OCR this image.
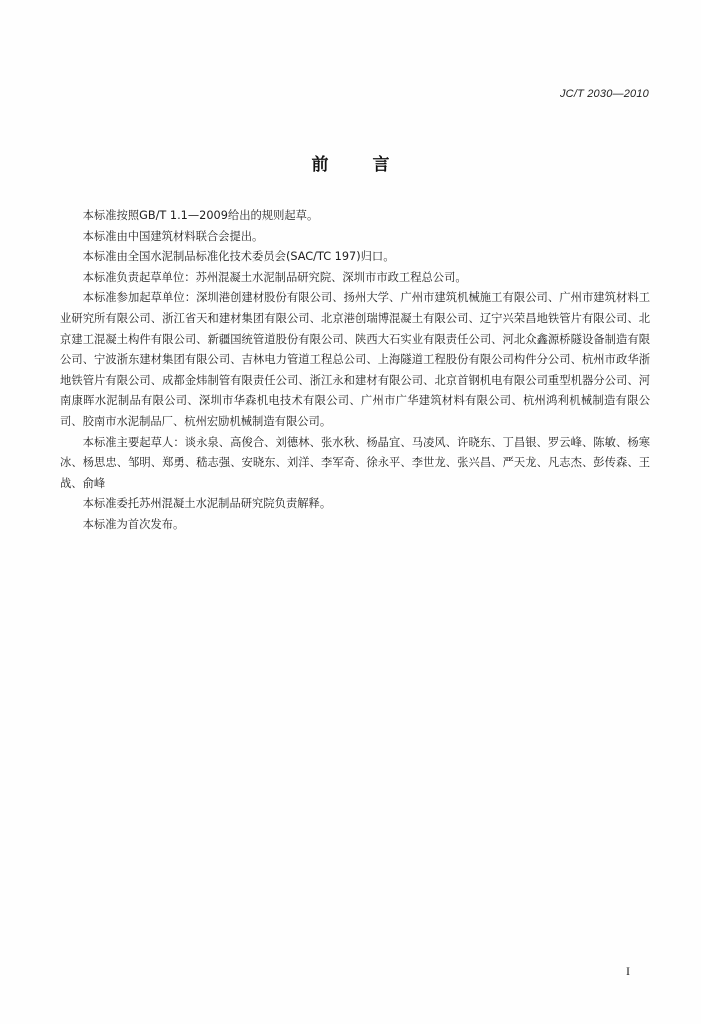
JC/T 2030—2010
前言

本标准按照GB/T 1.1—2009给出的规则起草。

本标准由中国建筑材料联合会提出。

本标准由全国水泥制品标准化技术委员会(SAC/TC 197)归口。

本标准负责起草单位：苏州混凝土水泥制品研究院、深圳市市政工程总公司。

本标准参加起草单位：深圳港创建材股份有限公司、扬州大学、广州市建筑机械施工有限公司、广州市建筑材料工业研究所有限公司、浙江省天和建材集团有限公司、北京港创瑞博混凝土有限公司、辽宁兴荣昌地铁管片有限公司、北京建工混凝土构件有限公司、新疆国统管道股份有限公司、陕西大石实业有限责任公司、河北众鑫源桥隧设备制造有限公司、宁波浙东建材集团有限公司、吉林电力管道工程总公司、上海隧道工程股份有限公司构件分公司、杭州市政华浙地铁管片有限公司、成都金炜制管有限责任公司、浙江永和建材有限公司、北京首钢机电有限公司重型机器分公司、河南康晖水泥制品有限公司、深圳市华森机电技术有限公司、广州市广华建筑材料有限公司、杭州鸿利机械制造有限公司、胶南市水泥制品厂、杭州宏励机械制造有限公司。

本标准主要起草人：谈永泉、高俊合、刘德林、张水秋、杨晶宜、马凌风、许晓东、丁昌银、罗云峰、陈敏、杨寒冰、杨思忠、邹明、郑勇、嵇志强、安晓东、刘洋、李军奇、徐永平、李世龙、张兴昌、严天龙、凡志杰、彭传森、王战、俞峰

本标准委托苏州混凝土水泥制品研究院负责解释。

本标准为首次发布。

I
